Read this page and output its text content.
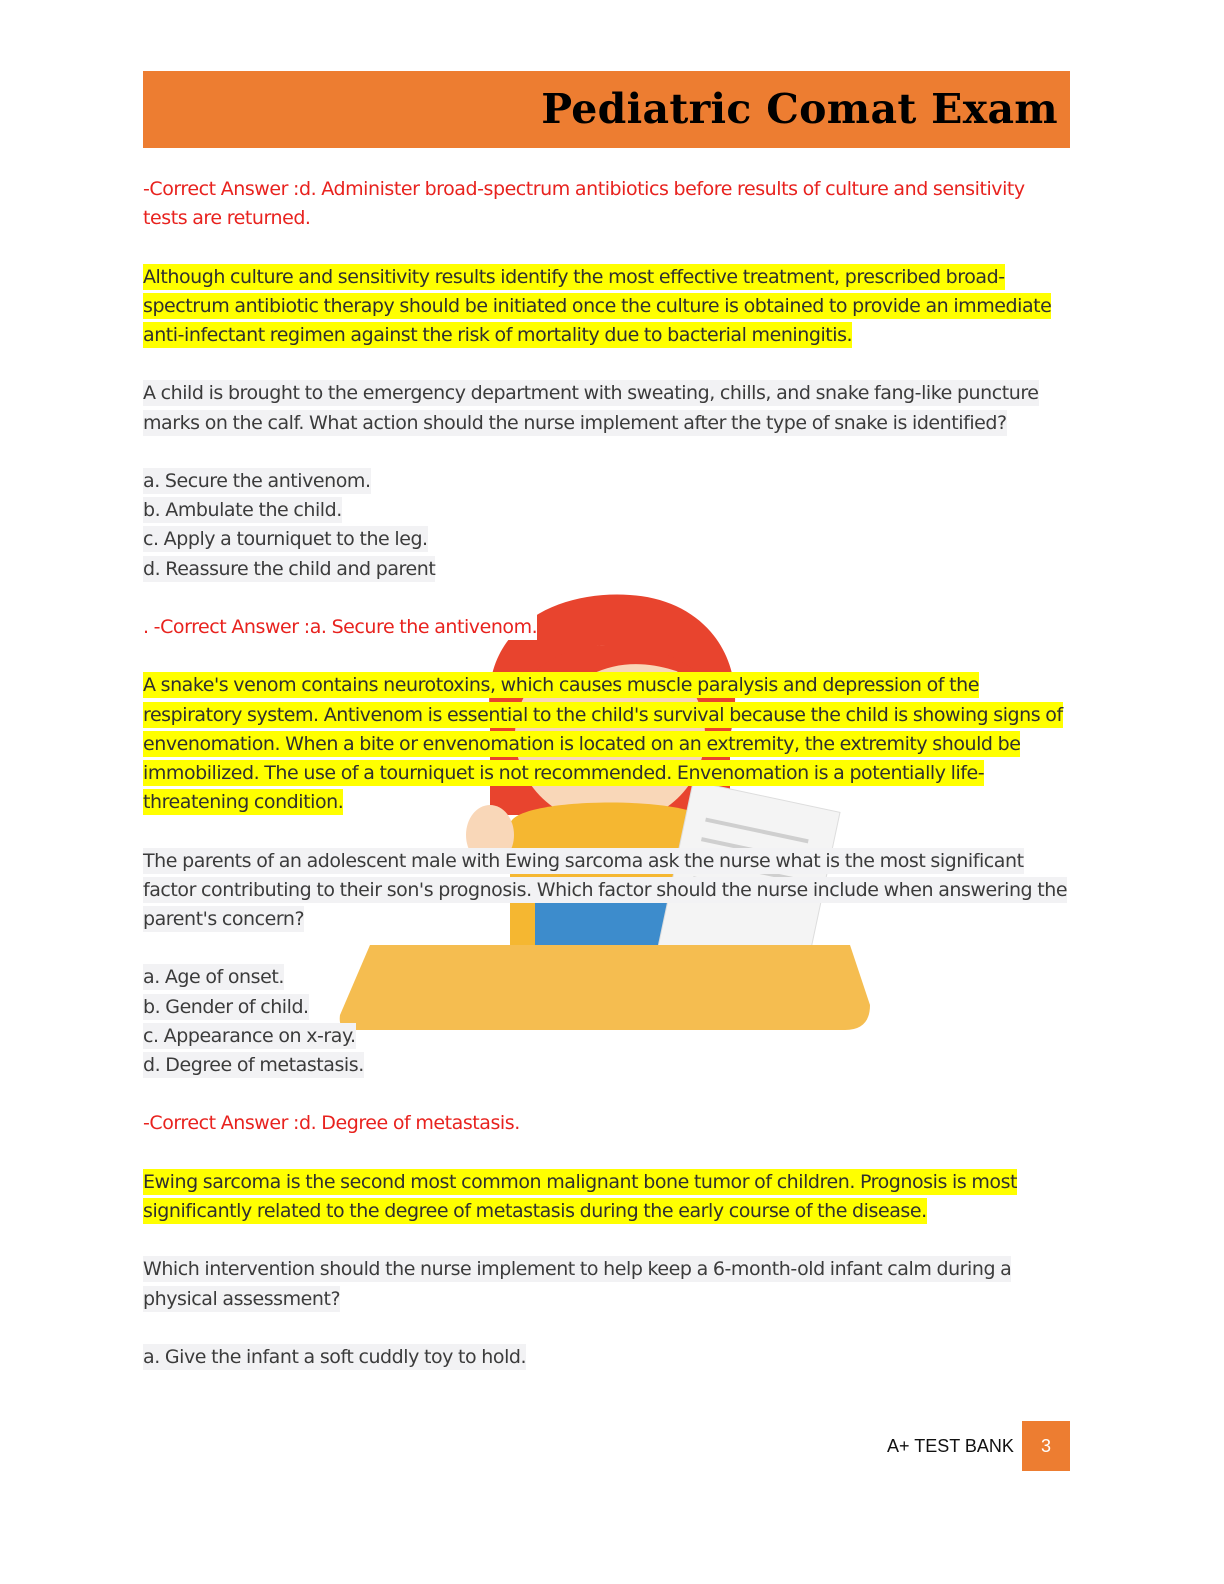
Pediatric Comat Exam

-Correct Answer :d. Administer broad-spectrum antibiotics before results of culture and sensitivity tests are returned.

Although culture and sensitivity results identify the most effective treatment, prescribed broad-spectrum antibiotic therapy should be initiated once the culture is obtained to provide an immediate anti-infectant regimen against the risk of mortality due to bacterial meningitis.

A child is brought to the emergency department with sweating, chills, and snake fang-like puncture marks on the calf. What action should the nurse implement after the type of snake is identified?

a. Secure the antivenom.
b. Ambulate the child.
c. Apply a tourniquet to the leg.
d. Reassure the child and parent

. -Correct Answer :a. Secure the antivenom.

A snake's venom contains neurotoxins, which causes muscle paralysis and depression of the respiratory system. Antivenom is essential to the child's survival because the child is showing signs of envenomation. When a bite or envenomation is located on an extremity, the extremity should be immobilized. The use of a tourniquet is not recommended. Envenomation is a potentially life-threatening condition.

The parents of an adolescent male with Ewing sarcoma ask the nurse what is the most significant factor contributing to their son's prognosis. Which factor should the nurse include when answering the parent's concern?

a. Age of onset.
b. Gender of child.
c. Appearance on x-ray.
d. Degree of metastasis.

-Correct Answer :d. Degree of metastasis.

Ewing sarcoma is the second most common malignant bone tumor of children. Prognosis is most significantly related to the degree of metastasis during the early course of the disease.

Which intervention should the nurse implement to help keep a 6-month-old infant calm during a physical assessment?

a. Give the infant a soft cuddly toy to hold.

A+ TEST BANK	3
